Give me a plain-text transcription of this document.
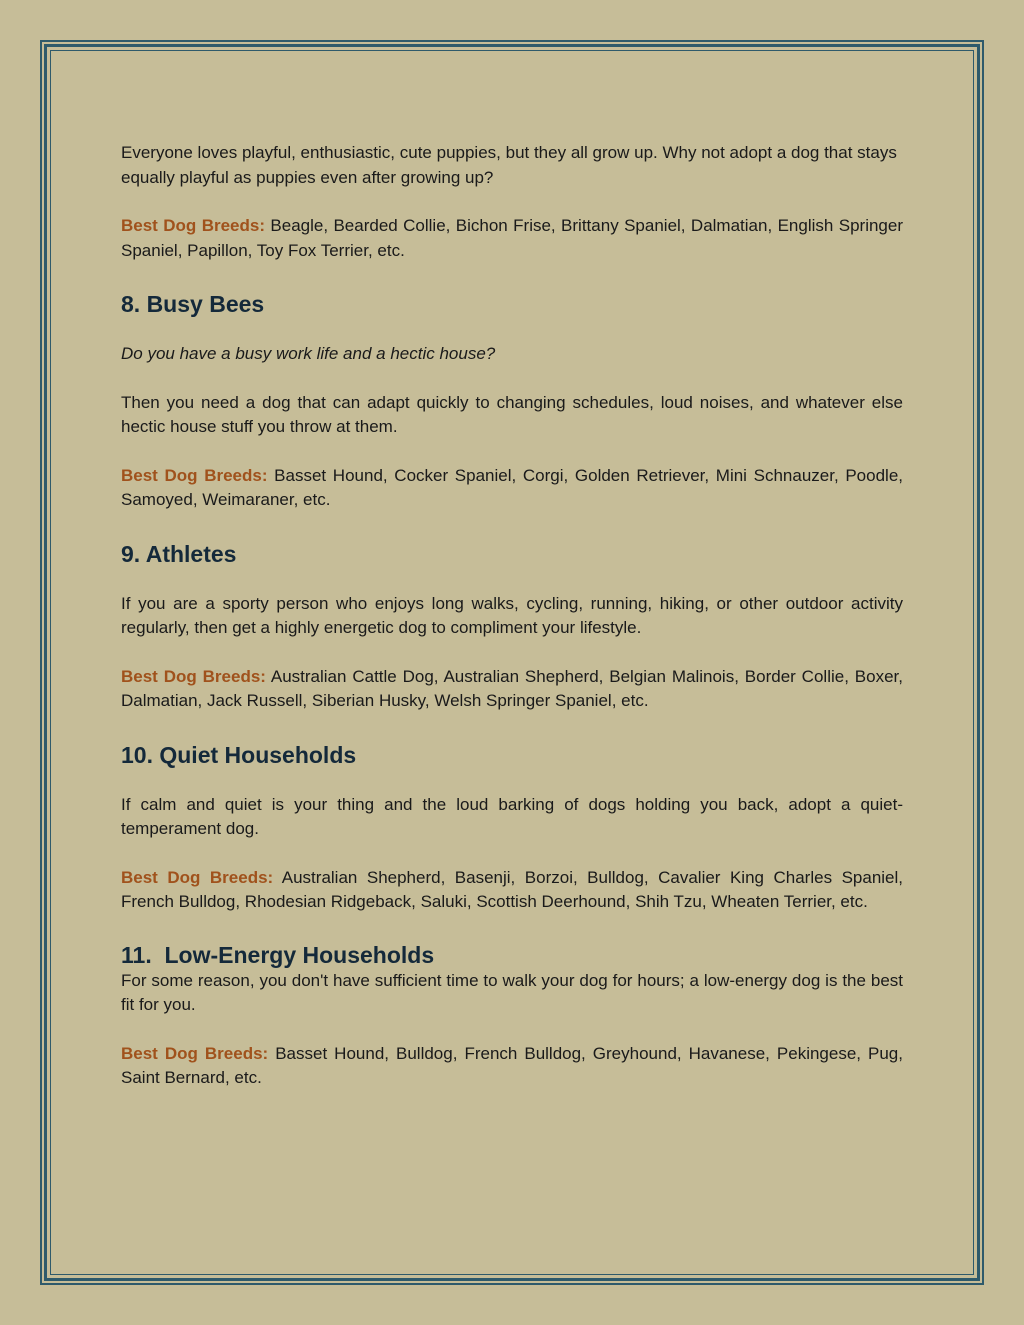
Everyone loves playful, enthusiastic, cute puppies, but they all grow up. Why not adopt a dog that stays equally playful as puppies even after growing up?

Best Dog Breeds: Beagle, Bearded Collie, Bichon Frise, Brittany Spaniel, Dalmatian, English Springer Spaniel, Papillon, Toy Fox Terrier, etc.

8. Busy Bees

Do you have a busy work life and a hectic house?

Then you need a dog that can adapt quickly to changing schedules, loud noises, and whatever else hectic house stuff you throw at them.

Best Dog Breeds: Basset Hound, Cocker Spaniel, Corgi, Golden Retriever, Mini Schnauzer, Poodle, Samoyed, Weimaraner, etc.

9. Athletes

If you are a sporty person who enjoys long walks, cycling, running, hiking, or other outdoor activity regularly, then get a highly energetic dog to compliment your lifestyle.

Best Dog Breeds: Australian Cattle Dog, Australian Shepherd, Belgian Malinois, Border Collie, Boxer, Dalmatian, Jack Russell, Siberian Husky, Welsh Springer Spaniel, etc.

10. Quiet Households

If calm and quiet is your thing and the loud barking of dogs holding you back, adopt a quiet-temperament dog.

Best Dog Breeds: Australian Shepherd, Basenji, Borzoi, Bulldog, Cavalier King Charles Spaniel, French Bulldog, Rhodesian Ridgeback, Saluki, Scottish Deerhound, Shih Tzu, Wheaten Terrier, etc.

11.  Low-Energy Households

For some reason, you don't have sufficient time to walk your dog for hours; a low-energy dog is the best fit for you.

Best Dog Breeds: Basset Hound, Bulldog, French Bulldog, Greyhound, Havanese, Pekingese, Pug, Saint Bernard, etc.
